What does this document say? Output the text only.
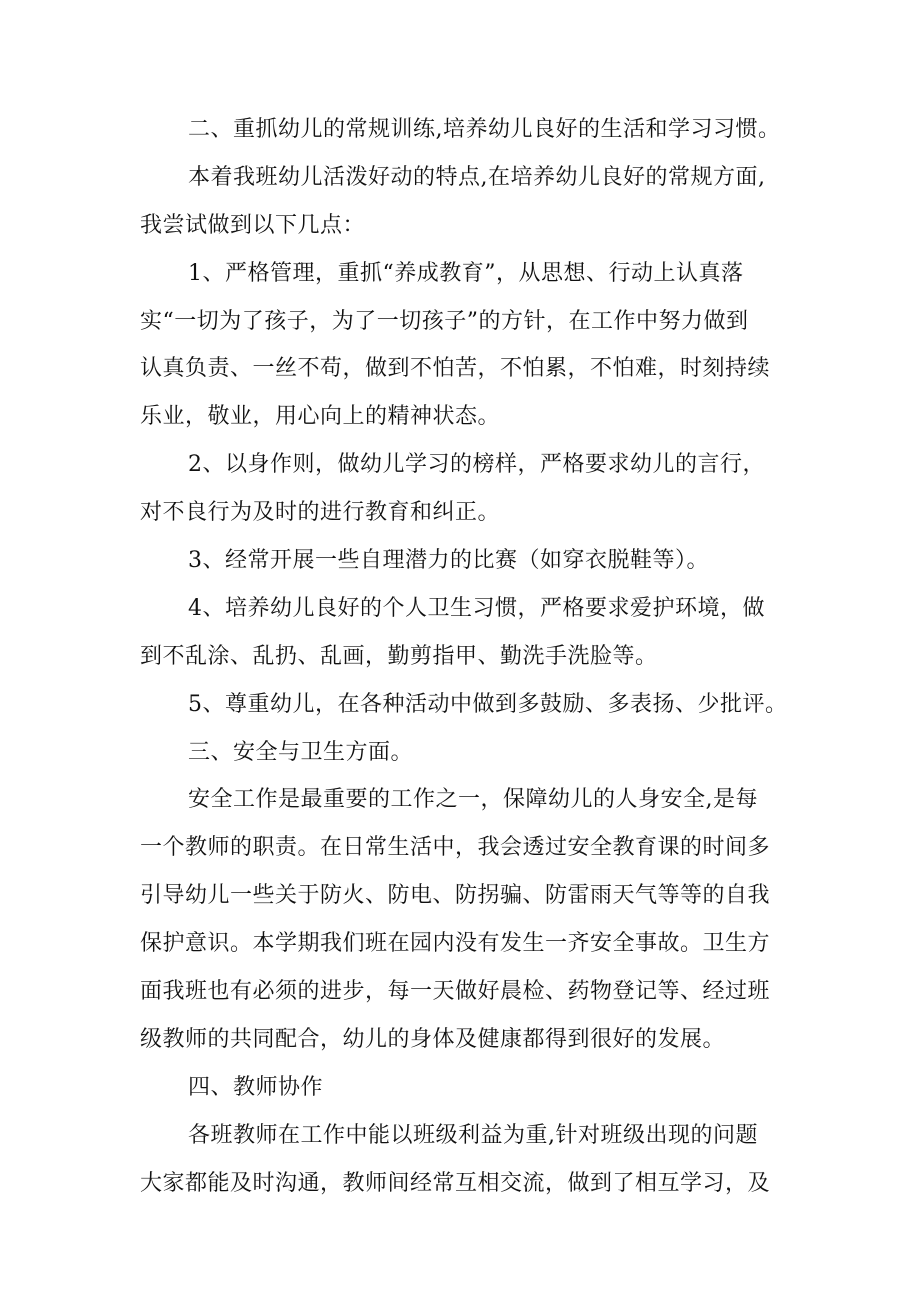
二、重抓幼儿的常规训练,培养幼儿良好的生活和学习习惯。
本着我班幼儿活泼好动的特点,在培养幼儿良好的常规方面,
我尝试做到以下几点：
1、严格管理，重抓“养成教育”，从思想、行动上认真落
实“一切为了孩子，为了一切孩子”的方针，在工作中努力做到
认真负责、一丝不苟，做到不怕苦，不怕累，不怕难，时刻持续
乐业，敬业，用心向上的精神状态。
2、以身作则，做幼儿学习的榜样，严格要求幼儿的言行，
对不良行为及时的进行教育和纠正。
3、经常开展一些自理潜力的比赛（如穿衣脱鞋等）。
4、培养幼儿良好的个人卫生习惯，严格要求爱护环境，做
到不乱涂、乱扔、乱画，勤剪指甲、勤洗手洗脸等。
5、尊重幼儿，在各种活动中做到多鼓励、多表扬、少批评。
三、安全与卫生方面。
安全工作是最重要的工作之一，保障幼儿的人身安全,是每
一个教师的职责。在日常生活中，我会透过安全教育课的时间多
引导幼儿一些关于防火、防电、防拐骗、防雷雨天气等等的自我
保护意识。本学期我们班在园内没有发生一齐安全事故。卫生方
面我班也有必须的进步，每一天做好晨检、药物登记等、经过班
级教师的共同配合，幼儿的身体及健康都得到很好的发展。
四、教师协作
各班教师在工作中能以班级利益为重,针对班级出现的问题
大家都能及时沟通，教师间经常互相交流，做到了相互学习，及
